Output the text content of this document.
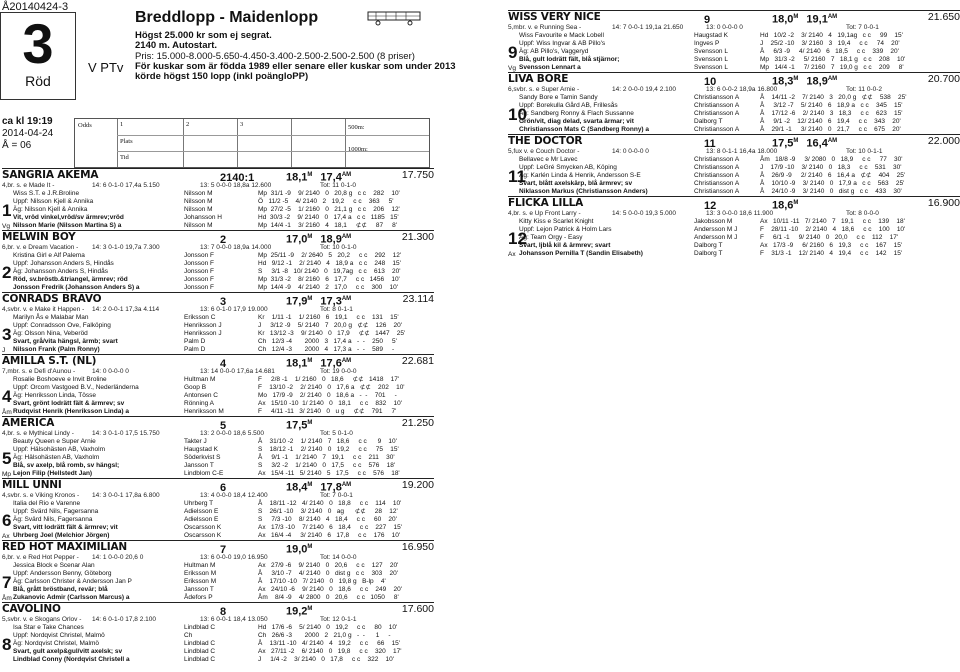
Å20140424-3
3
Röd
V PTv
Breddlopp - Maidenlopp
Högst 25.000 kr som ej segrat.
2140 m. Autostart.
Pris: 15.000-8.000-5.650-4.450-3.400-2.500-2.500-2.500 (8 priser)
För kuskar som är födda 1989 eller senare eller kuskar som under 2013
körde högst 150 lopp (inkl poängloPP)
ca kl 19:19
2014-04-24
Å = 06
Odds	1	2	3
Plats
Tid
500m:
1000m:
SANGRIA AKEMA	2140:1	$18,1^M$ $17,4^{AM}$	17.750
4,br. s. e Made It -	14: 6 0-1-0 17,4a 5.150	13: 5 0-0-0 18,8a 12.600	Tot: 11 0-1-0
1
Wiss S.T. e J.R.Broline	Nilsson M	Mp  31/1 -9    9/ 2140   0   20,8 g   c c    282    10'
Uppf: Nilsson Kjell & Annika	Nilsson M	Ö   11/2 -5    4/ 2140   2   19,2     c c    363     5'
Äg: Nilsson Kjell & Annika	Nilsson M	Mp  27/2 -5    1/ 2160   0   21,1 g   c c    206    12'
Vit, vröd vinkel,vröd/sv ärmrev;vröd	Johansson H	Hd  30/3 -2    9/ 2140   0   17,4 a   c c   1185   15'
Nilsson Marie (Nilsson Martina S) a	Nilsson M	Mp  14/4 -1    3/ 2160   4   18,1     ⊄⊄     87     8'
Vg
MELWIN BOY	2	$17,0^M$ $18,9^{AM}$	21.300
6,br. v. e Dream Vacation - 14: 3 0-1-0 19,7a 7.300	13: 7 0-0-0 18,9a 14.000	Tot: 10 0-1-0
2
Kristina Girl e Alf Palema	Jonsson F	Mp  25/11 -9    2/ 2640   5   20,2     c c    292    12'
Uppf: Johansson Anders S, Hindås	Jonsson F	Hd   9/12 -1    2/ 2140   4   18,9 a   c c    248    15'
Äg: Johansson Anders S, Hindås	Jonsson F	S     3/1 -8   10/ 2140   0   19,7ag   c c    613    20'
Röd, sv.bröstb.&triangel, ärmrev; röd	Jonsson F	Mp  31/3 -2    8/ 2160   6   17,7     c c   1456    10'
Jonsson Fredrik (Johansson Anders S) a	Jonsson F	Mp  14/4 -9    4/ 2140   2   17,0     c c    300    10'
CONRADS BRAVO	3	$17,9^M$ $17,3^{AM}$	23.114
4,svbr. v. e Make it Happen - 14: 2 0-0-1 17,3a 4.114	13: 6 0-1-0 17,9 19.000	Tot: 8 0-1-1
3
Marilyn Ås e Malabar Man	Eriksson C	Kr    1/11 -1    1/ 2160   6   19,1     c c    131    15'
Uppf: Conradsson Ove, Falköping	Henriksson J	J     3/12 -9    5/ 2140   7   20,0 g   ⊄⊄    126    20'
Äg: Olsson Nina, Veberöd	Henriksson J	Kr   13/12 -3    9/ 2140   0   17,9     ⊄⊄   1447    25'
Svart, grå/vita hängsl, ärmb; svart	Palm D	Ch   12/3 -4       2000   3   17,4 a   -  -    250     5'
Nilsson Frank (Palm Ronny)	Palm D	Ch   12/4 -3       2000   4   17,3 a   -  -    589     -
J
AMILLA S.T. (NL)	4	$18,1^M$ $17,6^{AM}$	22.681
7,mbr. s. e Defi d'Aunou -	14: 0 0-0-0 0	13: 14 0-0-0 17,6a 14.681	Tot: 19 0-0-0
4
Rosalie Boshoeve e Invit Broline	Hultman M	F     2/8 -1    1/ 2160   0   18,6     ⊄⊄   1418    17'
Uppf: Orcom Vastgoed B.V., Nederländerna	Goop B	F    13/10 -2    2/ 2140   0   17,6 a   ⊄⊄    202    10'
Äg: Henriksson Linda, Tösse	Antonsen C	Mo   17/9 -9    2/ 2140   0   18,6 a   -  -    701     -
Svart, grönt lodrätt fält & ärmrev; sv	Rönning A	Ax   15/10 -10  1/ 2140   0   18,1     c c    832    10'
Rudqvist Henrik (Henriksson Linda) a	Henriksson M	F     4/11 -11   3/ 2140   0   u g     ⊄⊄    791     7'
Åm
AMERICA	5	$17,5^M$	21.250
4,br. s. e Mythical Lindy -	14: 3 0-1-0 17,5 15.750	13: 2 0-0-0 18,6 5.500	Tot: 5 0-1-0
5
Beauty Queen e Super Arnie	Takter J	Å    31/10 -2    1/ 2140   7   18,6     c c      9    10'
Uppf: Hälsohästen AB, Vaxholm	Haugstad K	S    18/12 -1    2/ 2140   0   19,2     c c     75    15'
Äg: Hälsohästen AB, Vaxholm	Söderkvist S	Å     9/1 -1    1/ 2140   7   19,1     c c    211    30'
Blå, sv axelp, blå romb, sv hängsl;	Jansson T	S     3/2 -2    1/ 2140   0   17,5     c c    576    18'
Lejon Filip (Hellstedt Jan)	Lindblom C-E	Ax   15/4 -11   5/ 2140   5   17,5     c c    576    18'
Mp
MILL UNNI	6	$18,4^M$ $17,8^{AM}$	19.200
4,svbr. s. e Viking Kronos - 14: 3 0-0-1 17,8a 6.800	13: 4 0-0-0 18,4 12.400	Tot: 7 0-0-1
6
Italia del Rio e Varenne	Uhrberg T	Å    18/11 -12   4/ 2140   0   18,8     c c    114    10'
Uppf: Svärd Nils, Fagersanna	Adielsson E	S    26/1 -10    3/ 2140   0   ag      ⊄⊄     28    12'
Äg: Svärd Nils, Fagersanna	Adielsson E	S     7/3 -10    8/ 2140   4   18,4     c c     60    20'
Svart, vitt lodrätt fält & ärmrev; vit	Oscarsson K	Ax   17/3 -10    7/ 2140   6   18,4     c c    227    15'
Uhrberg Joel (Melchior Jörgen)	Oscarsson K	Ax   16/4 -4     3/ 2140   6   17,8     c c    176    10'
Ax
RED HOT MAXIMILIAN	7	$19,0^M$	16.950
6,br. v. e Red Hot Pepper - 14: 1 0-0-0 20,6 0	13: 6 0-0-0 19,0 16.950	Tot: 14 0-0-0
7
Jessica Block e Scenar Alan	Hultman M	Ax   27/9 -6    9/ 2140   0   20,6     c c    127    20'
Uppf: Andersson Benny, Göteborg	Eriksson M	Å     3/10 -7    4/ 2140   0   dist g   c c    303    20'
Äg: Carlsson Christer & Andersson Jan P	Eriksson M	Å    17/10 -10   7/ 2140   0   19,8 g   B-lp    4'
Blå, grått bröstband, revär; blå	Jansson T	Ax   24/10 -6    9/ 2140   0   18,6     c c    249    20'
Zukanovic Admir (Carlsson Marcus) a	Ådefors P	Åm    8/4 -9    4/ 2800   0   20,6     c c   1050     8'
Åm
CAVOLINO	8	$19,2^M$	17.600
5,svbr. v. e Skogans Orlov - 14: 6 0-1-0 17,8 2.100	13: 6 0-0-1 18,4 13.050	Tot: 12 0-1-1
8
Isa Star e Take Chances	Lindblad C	Hd   17/6 -6    5/ 2140   0   19,2     c c     80    10'
Uppf: Nordqvist Christel, Malmö	Ch	Ch   26/6 -3       2000   2   21,0 g   -  -      1     -
Äg: Nordqvist Christel, Malmö	Lindblad C	Å    13/11 -10   4/ 2140   4   19,2     c c     66    15'
Svart, gult axelp&gul/vitt axelsk; sv	Lindblad C	Ax   27/11 -2    6/ 2140   0   19,8     c c    320    17'
Lindblad Conny (Nordqvist Christell a	Lindblad C	J     1/4 -2    3/ 2140   0   17,8     c c    322    10'
WISS VERY NICE	9	$18,0^M$ $19,1^{AM}$	21.650
5,mbr. v. e Running Sea -	14: 7 0-0-1 19,1a 21.650	13: 0 0-0-0 0	Tot: 7 0-0-1
9
Wiss Favourite e Mack Lobell	Haugstad K	Hd   10/2 -2    3/ 2140   4   19,1ag   c c     99    15'
Uppf: Wiss Ingvar & AB Pillo's	Ingves P	J    25/2 -10    3/ 2160   3   19,4     c c     74    20'
Äg: AB Pillo's, Vaggeryd	Svensson L	Å     6/3 -9     4/ 2140   6   18,5     c c    339    20'
Blå, gult lodrätt fält, blå stjärnor;	Svensson L	Mp   31/3 -2     5/ 2160   7   18,1 g   c c    208    10'
Svensson Lennart a	Svensson L	Mp   14/4 -1     7/ 2160   7   19,0 g   c c    209     8'
Vg
LIVA BORE	10	$18,3^M$ $18,9^{AM}$	20.700
6,svbr. s. e Super Arnie -	14: 2 0-0-0 19,4 2.100	13: 6 0-0-2 18,9a 16.800	Tot: 11 0-0-2
10
Sandy Bore e Tamin Sandy	Christiansson A	Å    14/11 -2    7/ 2140   3   20,0 g   ⊄⊄    538    25'
Uppf: Borekulla Gård AB, Frillesås	Christiansson A	Å     3/12 -7    5/ 2140   6   18,9 a   c c    345    15'
Äg: Sandberg Ronny & Flach Sussanne	Christiansson A	Å    17/12 -6    2/ 2140   3   18,3     c c    623    15'
Grön/vit, diag delad, svarta ärmar; vit	Dalborg T	Å     9/1 -2    12/ 2140   6   19,4     c c    343    20'
Christiansson Mats C (Sandberg Ronny) a	Christiansson A	Å    29/1 -1     3/ 2140   0   21,7     c c    675    20'
THE DOCTOR	11	$17,5^M$ $16,4^{AM}$	22.000
5,fux v. e Couch Doctor -	14: 0 0-0-0 0	13: 8 0-1-1 16,4a 18.000	Tot: 10 0-1-1
11
Bellavec e Mr Lavec	Christiansson A	Åm   18/8 -9     3/ 2080   0   18,9     c c     77    30'
Uppf: LeGré Smycken AB, Köping	Christiansson A	J    17/9 -10    3/ 2140   0   18,3     c c    531    30'
Äg: Karlén Linda & Henrik, Andersson S-E	Christiansson A	Å    26/9 -9     2/ 2140   6   16,4 a   ⊄⊄    404    25'
Svart, blått axelskärp, blå ärmrev; sv	Christiansson A	Å    10/10 -9    3/ 2140   0   17,9 a   c c    563    25'
Niklasson Markus (Christiansson Anders)	Christiansson A	Å    24/10 -9    3/ 2140   0   dist g   c c    433    30'
FLICKA LILLA	12	$18,6^M$	16.900
4,br. s. e Up Front Larry -	14: 5 0-0-0 19,3 5.000	13: 3 0-0-0 18,6 11.900	Tot: 8 0-0-0
12
Kitty Kiss e Scarlet Knight	Jakobsson M	Ax   10/11 -11   7/ 2140   7   19,1     c c    139    18'
Uppf: Lejon Patrick & Holm Lars	Andersson M J	F    28/11 -10    2/ 2140   4   18,6     c c    100    10'
Äg: Team Orgy - Easy	Andersson M J	F     6/1 -1     9/ 2140   0   20,0     c c    112    17'
Svart, ljblå kil & ärmrev; svart	Dalborg T	Ax   17/3 -9     6/ 2160   6   19,3     c c    167    15'
Johansson Pernilla T (Sandin Elisabeth)	Dalborg T	F    31/3 -1    12/ 2140   4   19,4     c c    142    15'
Ax
